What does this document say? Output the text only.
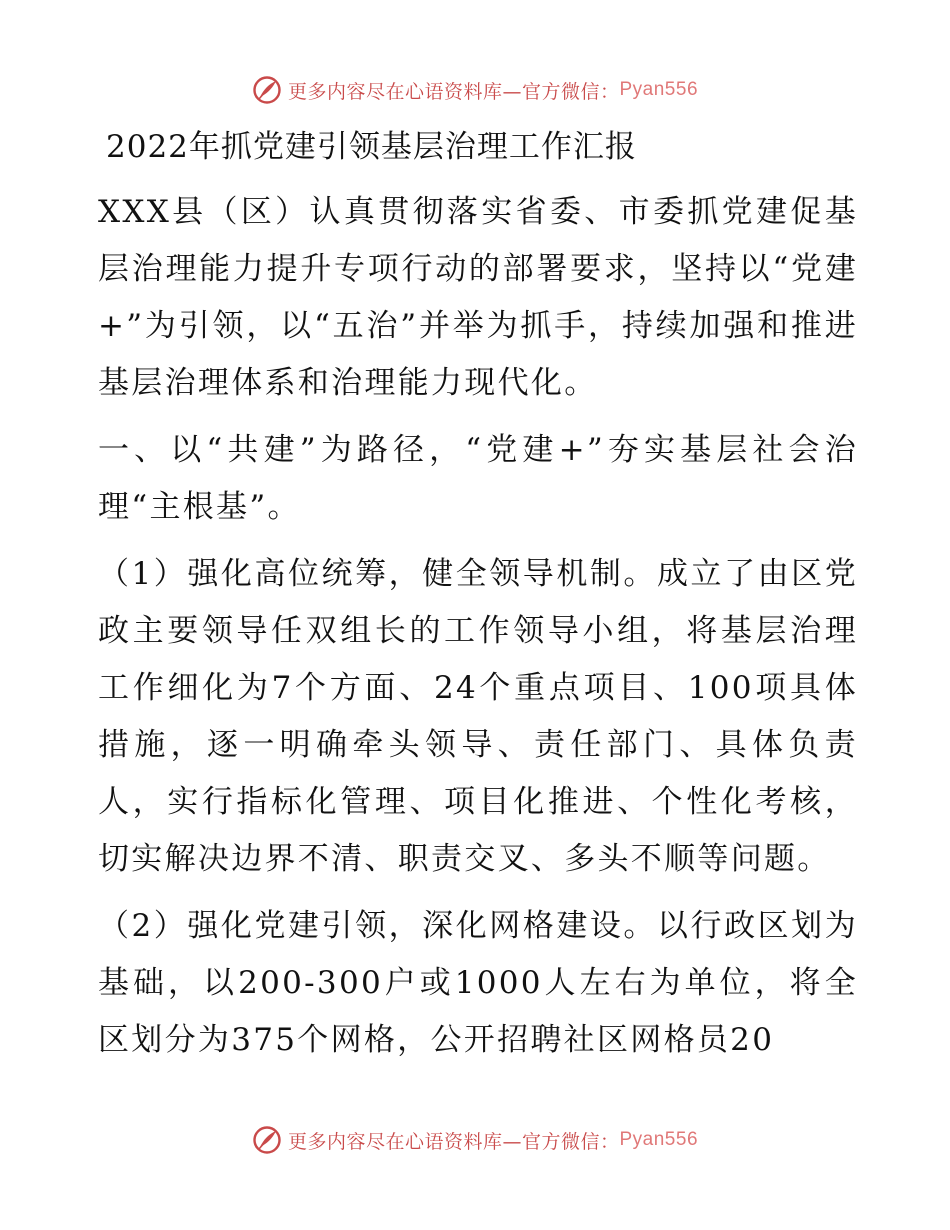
更多内容尽在心语资料库—官方微信： Pyan556
2022年抓党建引领基层治理工作汇报

XXX县（区）认真贯彻落实省委、市委抓党建促基层治理能力提升专项行动的部署要求，坚持以“党建+”为引领，以“五治”并举为抓手，持续加强和推进基层治理体系和治理能力现代化。

一、以“共建”为路径，“党建+”夯实基层社会治理“主根基”。

（1）强化高位统筹，健全领导机制。成立了由区党政主要领导任双组长的工作领导小组，将基层治理工作细化为7个方面、24个重点项目、100项具体措施，逐一明确牵头领导、责任部门、具体负责人，实行指标化管理、项目化推进、个性化考核，切实解决边界不清、职责交叉、多头不顺等问题。

（2）强化党建引领，深化网格建设。以行政区划为基础，以200-300户或1000人左右为单位，将全区划分为375个网格，公开招聘社区网格员20

更多内容尽在心语资料库—官方微信： Pyan556
